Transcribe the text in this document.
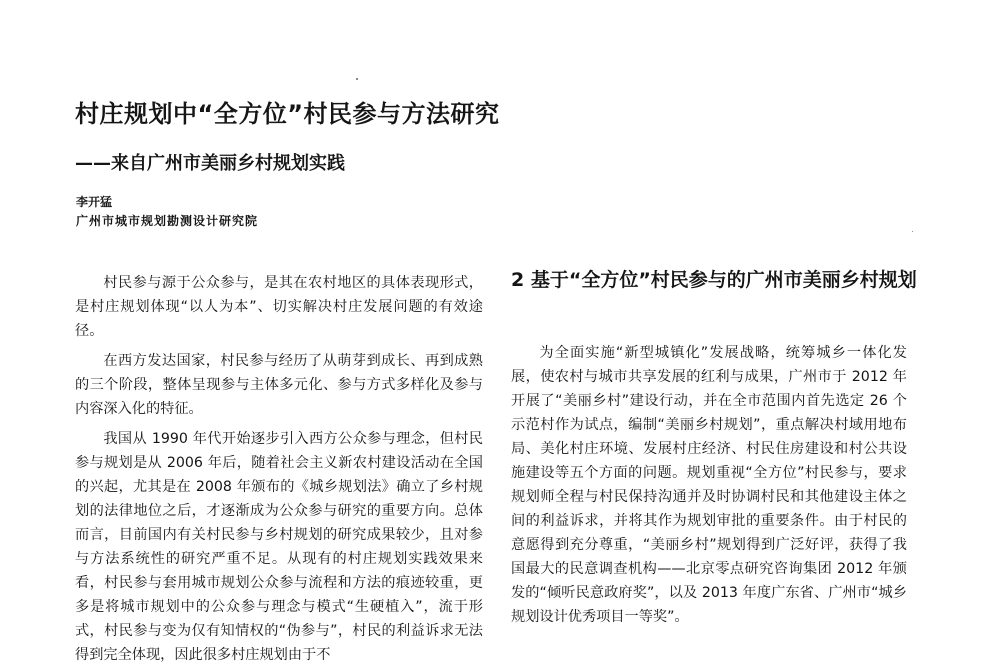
村庄规划中“全方位”村民参与方法研究
——来自广州市美丽乡村规划实践
李开猛
广州市城市规划勘测设计研究院

村民参与源于公众参与，是其在农村地区的具体表现形式，是村庄规划体现“以人为本”、切实解决村庄发展问题的有效途径。

在西方发达国家，村民参与经历了从萌芽到成长、再到成熟的三个阶段，整体呈现参与主体多元化、参与方式多样化及参与内容深入化的特征。

我国从 1990 年代开始逐步引入西方公众参与理念，但村民参与规划是从 2006 年后，随着社会主义新农村建设活动在全国的兴起，尤其是在 2008 年颁布的《城乡规划法》确立了乡村规划的法律地位之后，才逐渐成为公众参与研究的重要方向。总体而言，目前国内有关村民参与乡村规划的研究成果较少，且对参与方法系统性的研究严重不足。从现有的村庄规划实践效果来看，村民参与套用城市规划公众参与流程和方法的痕迹较重，更多是将城市规划中的公众参与理念与模式“生硬植入”，流于形式，村民参与变为仅有知情权的“伪参与”，村民的利益诉求无法得到完全体现，因此很多村庄规划由于不

2 基于“全方位”村民参与的广州市美丽乡村规划

为全面实施“新型城镇化”发展战略，统筹城乡一体化发展，使农村与城市共享发展的红利与成果，广州市于 2012 年开展了“美丽乡村”建设行动，并在全市范围内首先选定 26 个示范村作为试点，编制“美丽乡村规划”，重点解决村域用地布局、美化村庄环境、发展村庄经济、村民住房建设和村公共设施建设等五个方面的问题。规划重视“全方位”村民参与，要求规划师全程与村民保持沟通并及时协调村民和其他建设主体之间的利益诉求，并将其作为规划审批的重要条件。由于村民的意愿得到充分尊重，“美丽乡村”规划得到广泛好评，获得了我国最大的民意调查机构——北京零点研究咨询集团 2012 年颁发的“倾听民意政府奖”，以及 2013 年度广东省、广州市“城乡规划设计优秀项目一等奖”。
